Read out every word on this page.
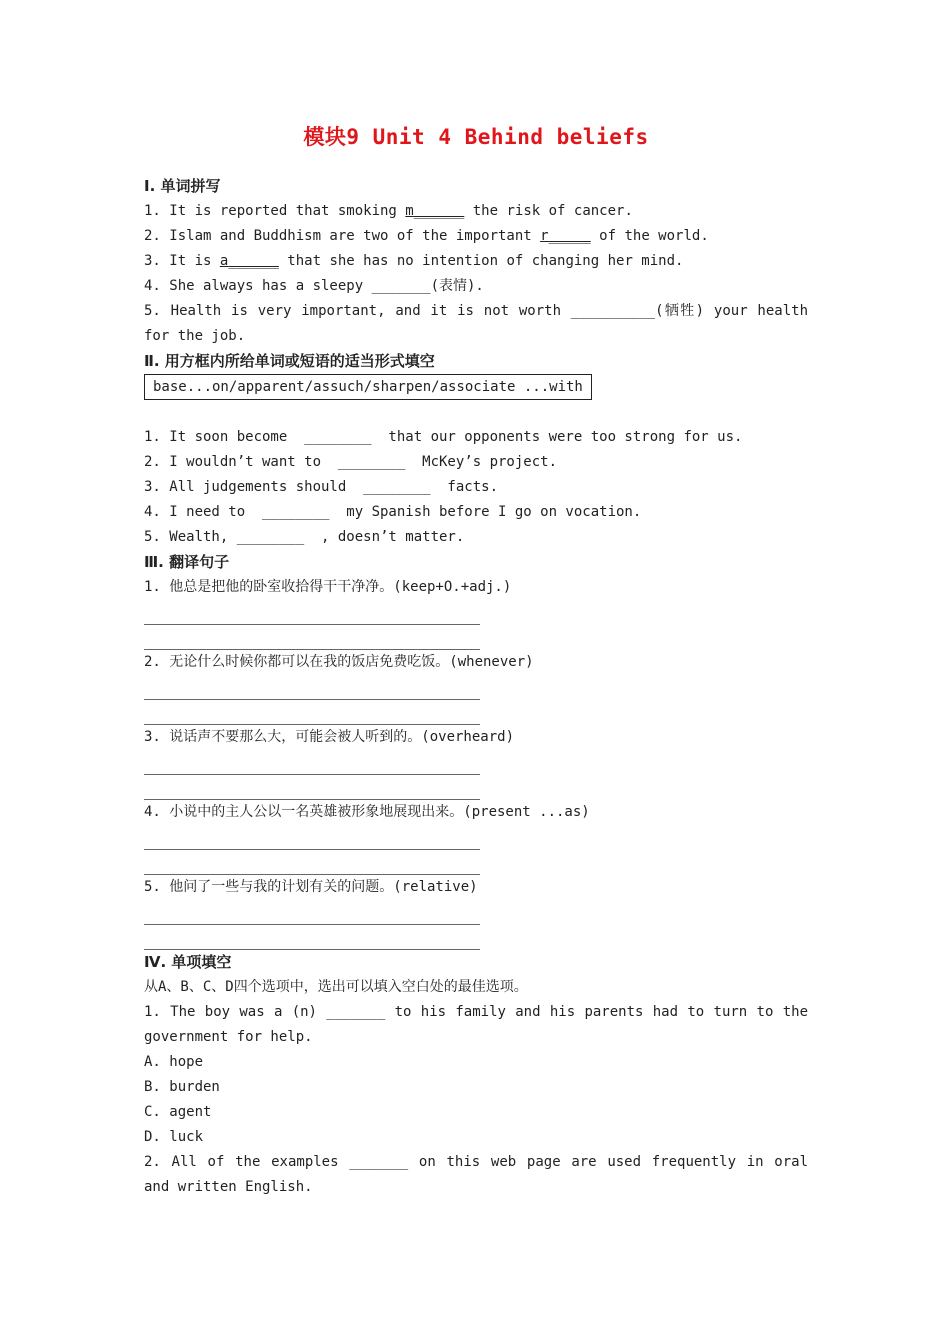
模块9 Unit 4 Behind beliefs
Ⅰ. 单词拼写
1. It is reported that smoking m______ the risk of cancer.
2. Islam and Buddhism are two of the important r_____ of the world.
3. It is a______ that she has no intention of changing her mind.
4. She always has a sleepy _______(表情).
5. Health is very important, and it is not worth __________(牺牲) your health for the job.
Ⅱ. 用方框内所给单词或短语的适当形式填空
base...on/apparent/assuch/sharpen/associate ...with
1. It soon become  ________  that our opponents were too strong for us.
2. I wouldn’t want to  ________  McKey’s project.
3. All judgements should  ________  facts.
4. I need to  ________  my Spanish before I go on vocation.
5. Wealth, ________  , doesn’t matter.
Ⅲ. 翻译句子
1. 他总是把他的卧室收拾得干干净净。(keep+O.+adj.)
2. 无论什么时候你都可以在我的饭店免费吃饭。(whenever)
3. 说话声不要那么大，可能会被人听到的。(overheard)
4. 小说中的主人公以一名英雄被形象地展现出来。(present ...as)
5. 他问了一些与我的计划有关的问题。(relative)
Ⅳ. 单项填空
从A、B、C、D四个选项中，选出可以填入空白处的最佳选项。
1. The boy was a (n) _______ to his family and his parents had to turn to the government for help.
A. hope
B. burden
C. agent
D. luck
2. All of the examples _______ on this web page are used frequently in oral and written English.
